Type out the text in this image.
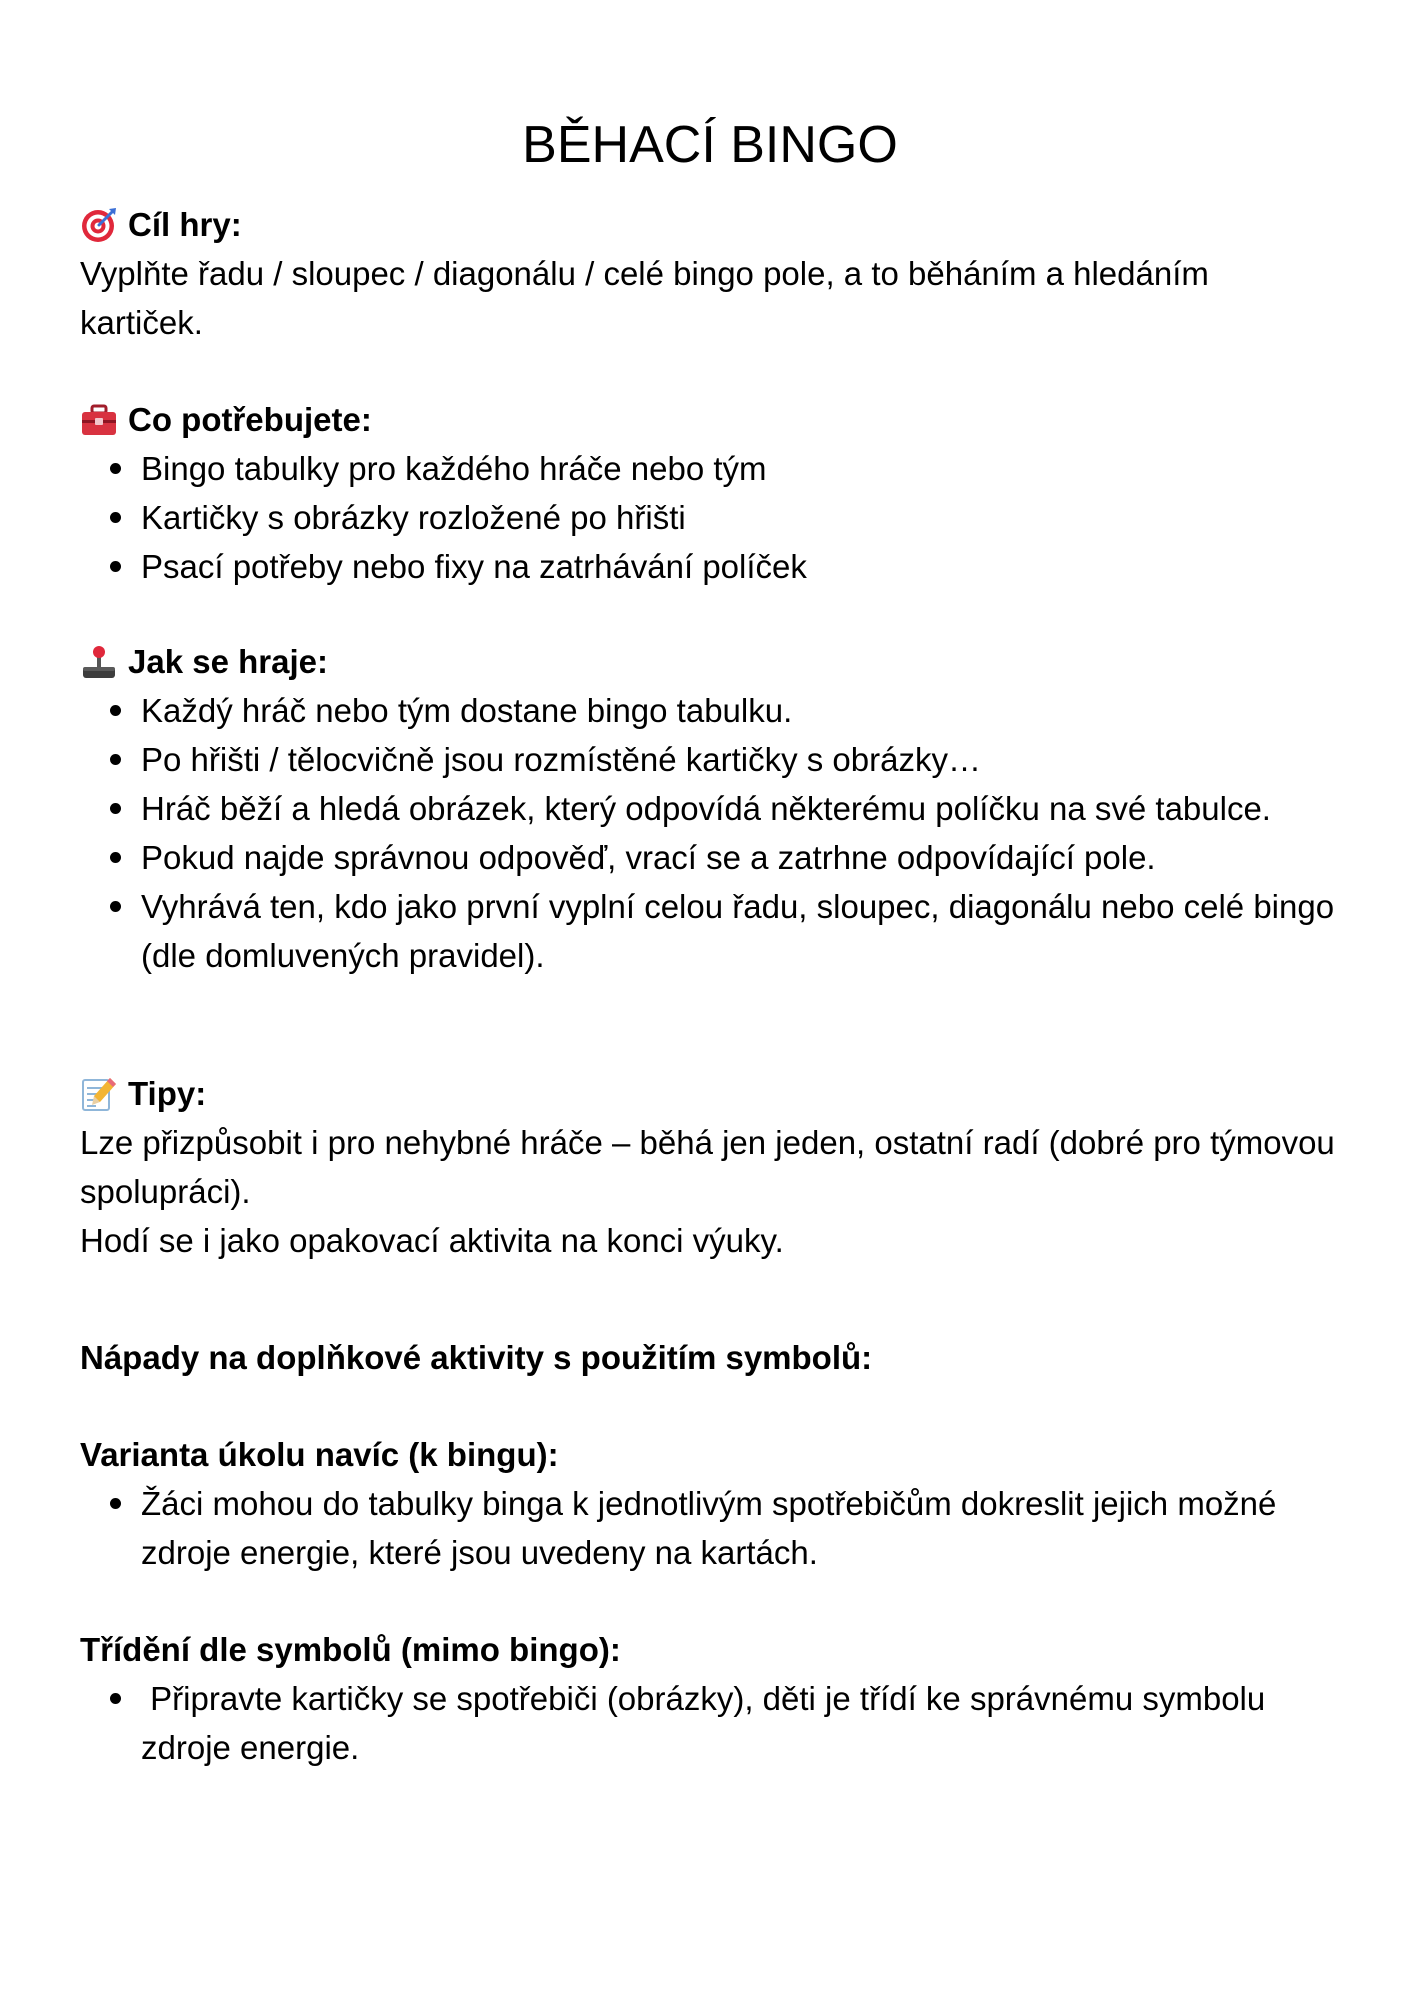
BĚHACÍ BINGO
Cíl hry:

Vyplňte řadu / sloupec / diagonálu / celé bingo pole, a to běháním a hledáním kartiček.

Co potřebujete:
Bingo tabulky pro každého hráče nebo tým
Kartičky s obrázky rozložené po hřišti
Psací potřeby nebo fixy na zatrhávání políček
Jak se hraje:
Každý hráč nebo tým dostane bingo tabulku.
Po hřišti / tělocvičně jsou rozmístěné kartičky s obrázky…
Hráč běží a hledá obrázek, který odpovídá některému políčku na své tabulce.
Pokud najde správnou odpověď, vrací se a zatrhne odpovídající pole.
Vyhrává ten, kdo jako první vyplní celou řadu, sloupec, diagonálu nebo celé bingo (dle domluvených pravidel).
Tipy:

Lze přizpůsobit i pro nehybné hráče – běhá jen jeden, ostatní radí (dobré pro týmovou spolupráci).

Hodí se i jako opakovací aktivita na konci výuky.

Nápady na doplňkové aktivity s použitím symbolů:
Varianta úkolu navíc (k bingu):
Žáci mohou do tabulky binga k jednotlivým spotřebičům dokreslit jejich možné zdroje energie, které jsou uvedeny na kartách.
Třídění dle symbolů (mimo bingo):
Připravte kartičky se spotřebiči (obrázky), děti je třídí ke správnému symbolu zdroje energie.
